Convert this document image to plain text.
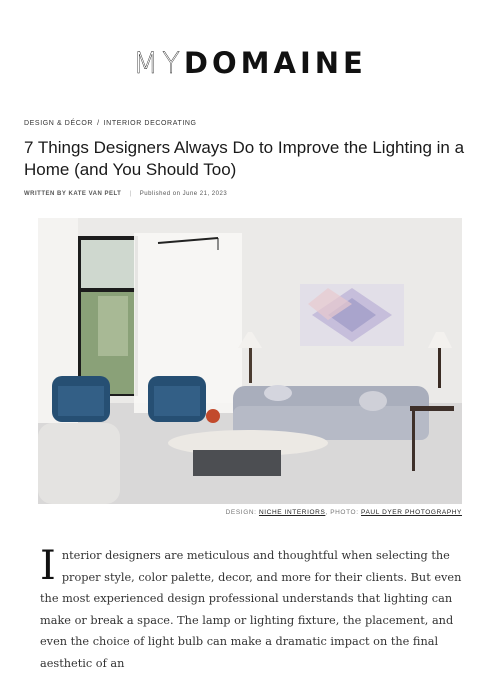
MYDOMAINE
DESIGN & DÉCOR / INTERIOR DECORATING
7 Things Designers Always Do to Improve the Lighting in a Home (and You Should Too)
WRITTEN BY KATE VAN PELT | Published on June 21, 2023
DESIGN: NICHE INTERIORS, PHOTO: PAUL DYER PHOTOGRAPHY

Interior designers are meticulous and thoughtful when selecting the proper style, color palette, decor, and more for their clients. But even the most experienced design professional understands that lighting can make or break a space. The lamp or lighting fixture, the placement, and even the choice of light bulb can make a dramatic impact on the final aesthetic of an
